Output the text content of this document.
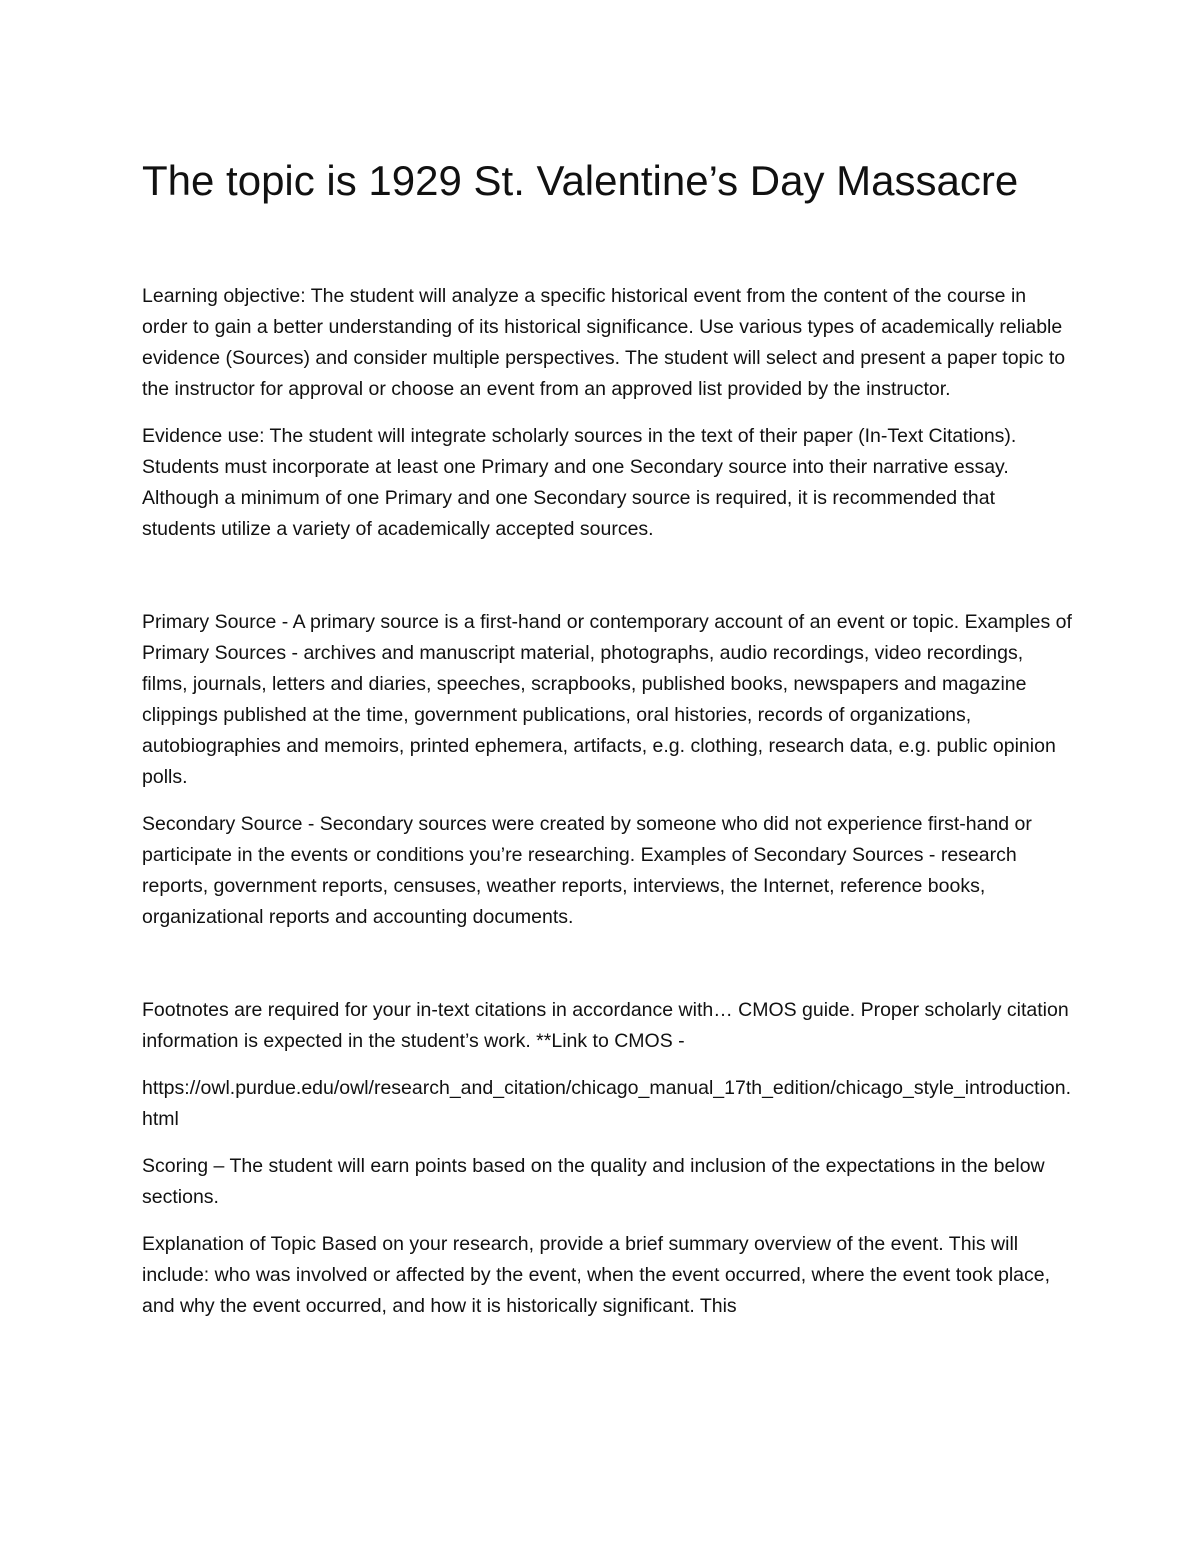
The topic is 1929 St. Valentine’s Day Massacre

Learning objective: The student will analyze a specific historical event from the content of the course in order to gain a better understanding of its historical significance. Use various types of academically reliable evidence (Sources) and consider multiple perspectives. The student will select and present a paper topic to the instructor for approval or choose an event from an approved list provided by the instructor.

Evidence use: The student will integrate scholarly sources in the text of their paper (In-Text Citations). Students must incorporate at least one Primary and one Secondary source into their narrative essay. Although a minimum of one Primary and one Secondary source is required, it is recommended that students utilize a variety of academically accepted sources.

Primary Source - A primary source is a first-hand or contemporary account of an event or topic. Examples of Primary Sources - archives and manuscript material, photographs, audio recordings, video recordings, films, journals, letters and diaries, speeches, scrapbooks, published books, newspapers and magazine clippings published at the time, government publications, oral histories, records of organizations, autobiographies and memoirs, printed ephemera, artifacts, e.g. clothing, research data, e.g. public opinion polls.

Secondary Source - Secondary sources were created by someone who did not experience first-hand or participate in the events or conditions you’re researching. Examples of Secondary Sources - research reports, government reports, censuses, weather reports, interviews, the Internet, reference books, organizational reports and accounting documents.

Footnotes are required for your in-text citations in accordance with… CMOS guide. Proper scholarly citation information is expected in the student’s work. **Link to CMOS -

https://owl.purdue.edu/owl/research_and_citation/chicago_manual_17th_edition/chicago_style_introduction.html

Scoring – The student will earn points based on the quality and inclusion of the expectations in the below sections.

Explanation of Topic Based on your research, provide a brief summary overview of the event. This will include: who was involved or affected by the event, when the event occurred, where the event took place, and why the event occurred, and how it is historically significant. This
